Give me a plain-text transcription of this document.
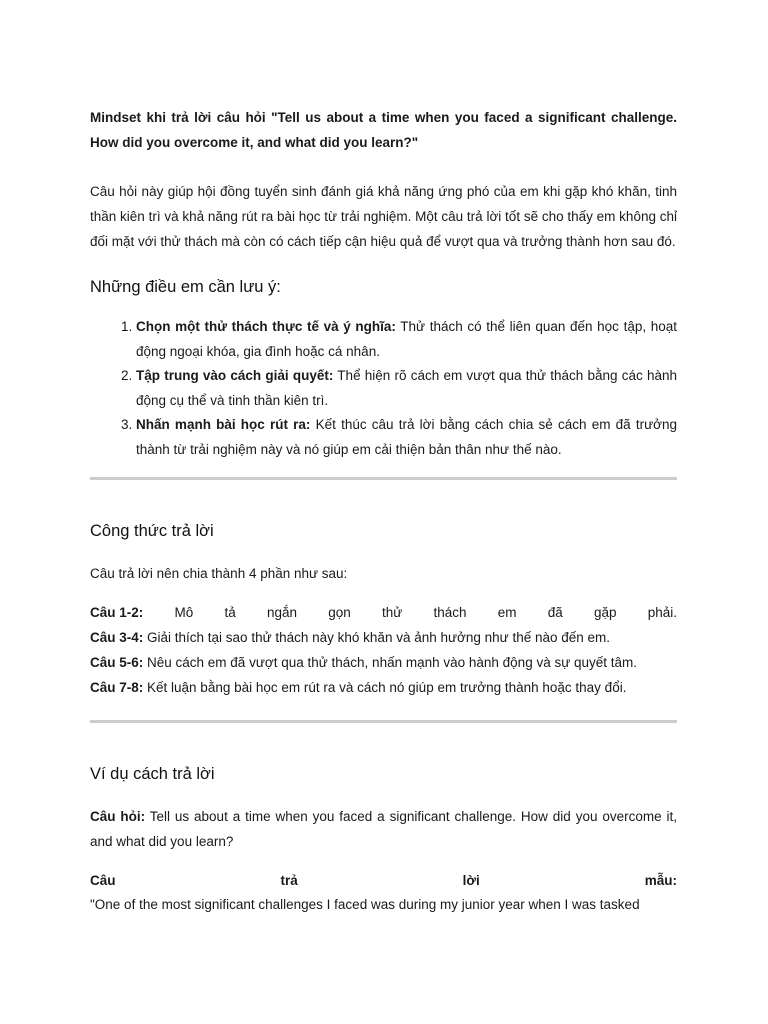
Mindset khi trả lời câu hỏi "Tell us about a time when you faced a significant challenge. How did you overcome it, and what did you learn?"

Câu hỏi này giúp hội đồng tuyển sinh đánh giá khả năng ứng phó của em khi gặp khó khăn, tinh thần kiên trì và khả năng rút ra bài học từ trải nghiệm. Một câu trả lời tốt sẽ cho thấy em không chỉ đối mặt với thử thách mà còn có cách tiếp cận hiệu quả để vượt qua và trưởng thành hơn sau đó.

Những điều em cần lưu ý:
1. Chọn một thử thách thực tế và ý nghĩa: Thử thách có thể liên quan đến học tập, hoạt động ngoại khóa, gia đình hoặc cá nhân.
2. Tập trung vào cách giải quyết: Thể hiện rõ cách em vượt qua thử thách bằng các hành động cụ thể và tinh thần kiên trì.
3. Nhấn mạnh bài học rút ra: Kết thúc câu trả lời bằng cách chia sẻ cách em đã trưởng thành từ trải nghiệm này và nó giúp em cải thiện bản thân như thế nào.
Công thức trả lời

Câu trả lời nên chia thành 4 phần như sau:

Câu 1-2: Mô tả ngắn gọn thử thách em đã gặp phải.

Câu 3-4: Giải thích tại sao thử thách này khó khăn và ảnh hưởng như thế nào đến em.

Câu 5-6: Nêu cách em đã vượt qua thử thách, nhấn mạnh vào hành động và sự quyết tâm.

Câu 7-8: Kết luận bằng bài học em rút ra và cách nó giúp em trưởng thành hoặc thay đổi.

Ví dụ cách trả lời

Câu hỏi: Tell us about a time when you faced a significant challenge. How did you overcome it, and what did you learn?

Câu	trả	lời	mẫu:

"One of the most significant challenges I faced was during my junior year when I was tasked
